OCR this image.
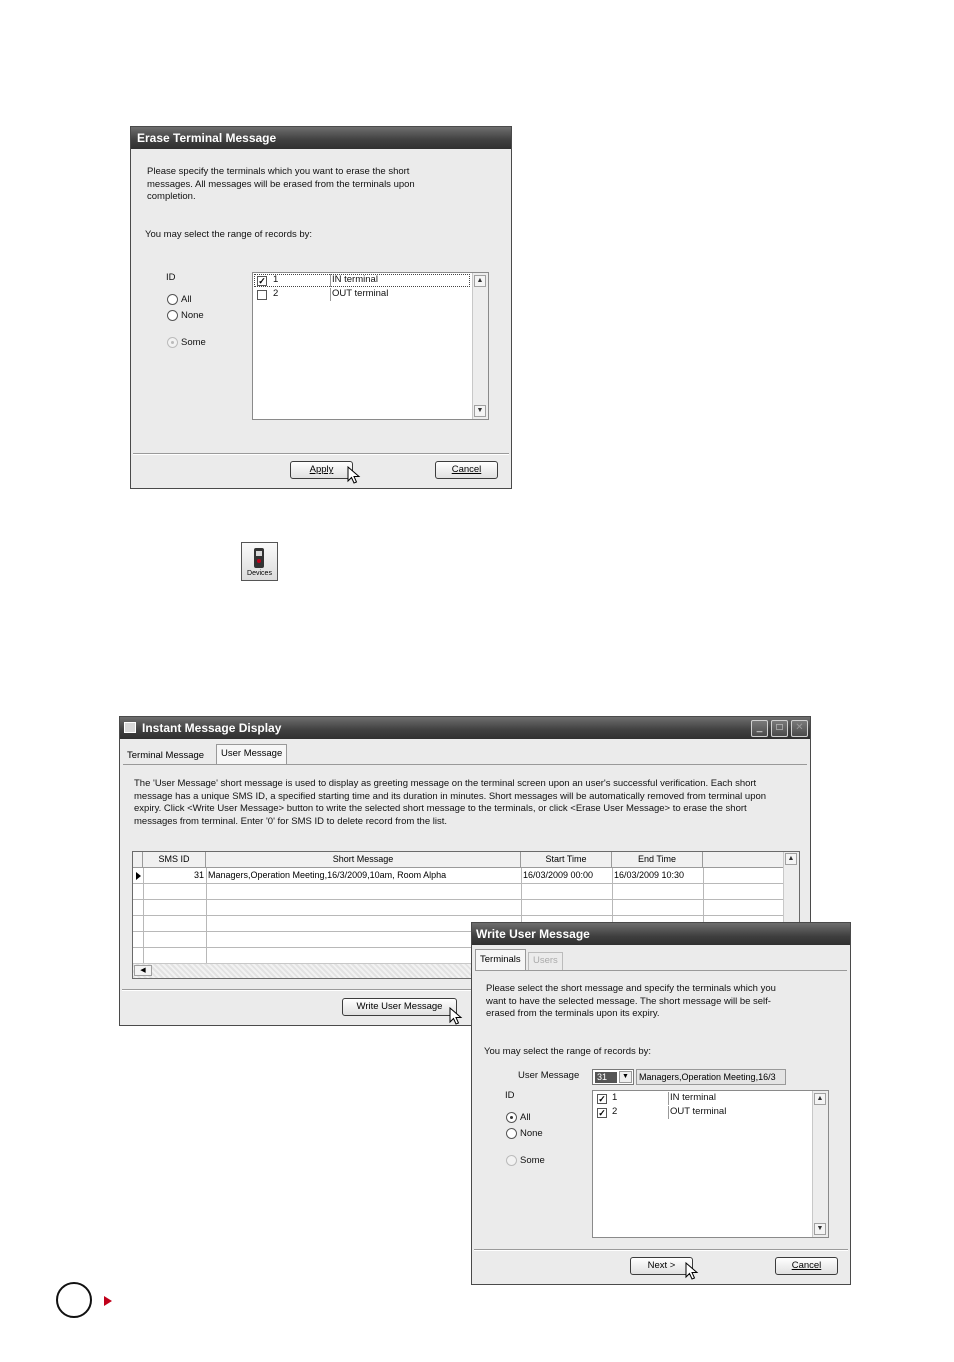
Erase Terminal Message
Please specify the terminals which you want to erase the short messages. All messages will be erased from the terminals upon completion.
You may select the range of records by:
ID
All
None
Some
✓ 1	IN terminal
2	OUT terminal
▲
▼
Apply	Cancel
Devices
Instant Message Display	_	□	✕
Terminal Message	User Message
The 'User Message' short message is used to display as greeting message on the terminal screen upon an user's successful verification. Each short message has a unique SMS ID, a specified starting time and its duration in minutes. Short messages will be automatically removed from terminal upon expiry. Click <Write User Message> button to write the selected short message to the terminals, or click <Erase User Message> to erase the short messages from terminal. Enter '0' for SMS ID to delete record from the list.
SMS ID	Short Message	Start Time	End Time
31 Managers,Operation Meeting,16/3/2009,10am, Room Alpha	16/03/2009 00:00	16/03/2009 10:30
▲
◀
Write User Message
Write User Message
Terminals	Users
Please select the short message and specify the terminals which you want to have the selected message. The short message will be self-erased from the terminals upon its expiry.
You may select the range of records by:
User Message 31	▼	Managers,Operation Meeting,16/3
ID
All
None
Some
✓ 1	IN terminal
✓ 2	OUT terminal
▲
▼
Next >	Cancel
